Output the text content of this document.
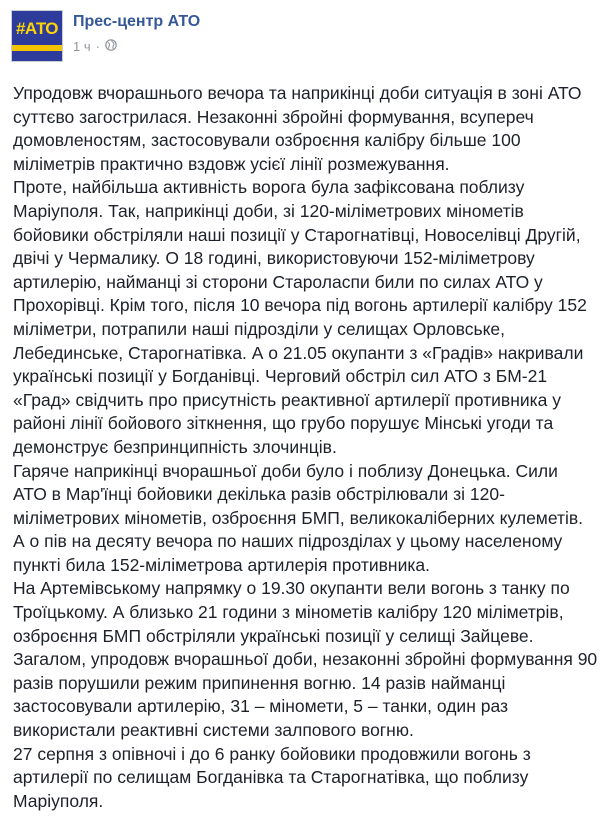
#АТО Прес-центр АТО
1 ч ·

Упродовж вчорашнього вечора та наприкінці доби ситуація в зоні АТО
суттєво загострилася. Незаконні збройні формування, всупереч
домовленостям, застосовували озброєння калібру більше 100
міліметрів практично вздовж усієї лінії розмежування.

Проте, найбільша активність ворога була зафіксована поблизу
Маріуполя. Так, наприкінці доби, зі 120-міліметрових мінометів
бойовики обстріляли наші позиції у Старогнатівці, Новоселівці Другій,
двічі у Чермалику. О 18 годині, використовуючи 152-міліметрову
артилерію, найманці зі сторони Староласпи били по силах АТО у
Прохорівці. Крім того, після 10 вечора під вогонь артилерії калібру 152
міліметри, потрапили наші підрозділи у селищах Орловське,
Лебединське, Старогнатівка. А о 21.05 окупанти з «Градів» накривали
українські позиції у Богданівці. Черговий обстріл сил АТО з БМ-21
«Град» свідчить про присутність реактивної артилерії противника у
районі лінії бойового зіткнення, що грубо порушує Мінські угоди та
демонструє безпринципність злочинців.

Гаряче наприкінці вчорашньої доби було і поблизу Донецька. Сили
АТО в Мар'їнці бойовики декілька разів обстрілювали зі 120-
міліметрових мінометів, озброєння БМП, великокаліберних кулеметів.
А о пів на десяту вечора по наших підрозділах у цьому населеному
пункті била 152-міліметрова артилерія противника.

На Артемівському напрямку о 19.30 окупанти вели вогонь з танку по
Троїцькому. А близько 21 години з мінометів калібру 120 міліметрів,
озброєння БМП обстріляли українські позиції у селищі Зайцеве.

Загалом, упродовж вчорашньої доби, незаконні збройні формування 90
разів порушили режим припинення вогню. 14 разів найманці
застосовували артилерію, 31 – міномети, 5 – танки, один раз
використали реактивні системи залпового вогню.

27 серпня з опівночі і до 6 ранку бойовики продовжили вогонь з
артилерії по селищам Богданівка та Старогнатівка, що поблизу
Маріуполя.
